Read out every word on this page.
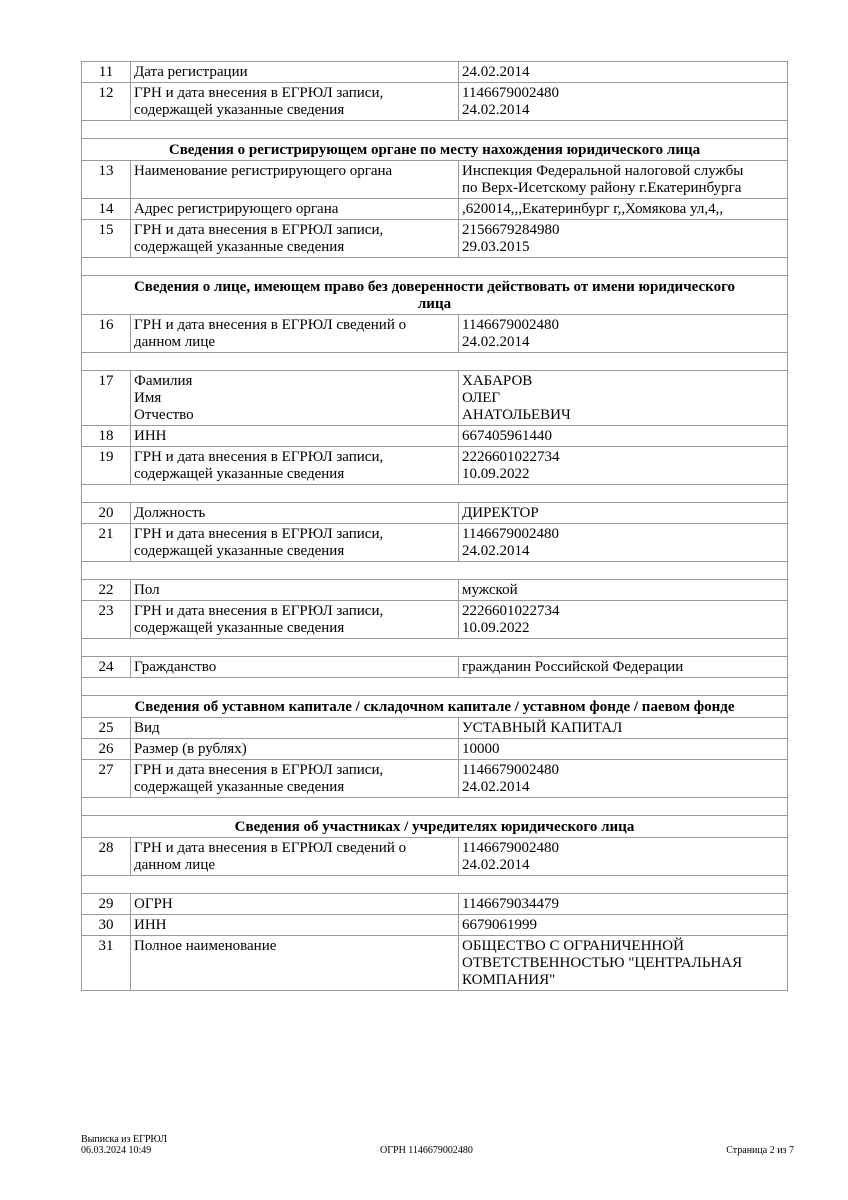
11	Дата регистрации	24.02.2014

12	ГРН и дата внесения в ЕГРЮЛ записи,
содержащей указанные сведения	1146679002480
24.02.2014

Сведения о регистрирующем органе по месту нахождения юридического лица		

13	Наименование регистрирующего органа	Инспекция Федеральной налоговой службы
по Верх-Исетскому району г.Екатеринбурга

14	Адрес регистрирующего органа	,620014,,,Екатеринбург г,,Хомякова ул,4,,

15	ГРН и дата внесения в ЕГРЮЛ записи,
содержащей указанные сведения	2156679284980
29.03.2015

Сведения о лице, имеющем право без доверенности действовать от имени юридического
лица		

16	ГРН и дата внесения в ЕГРЮЛ сведений о
данном лице	1146679002480
24.02.2014

17	Фамилия
Имя
Отчество	ХАБАРОВ
ОЛЕГ
АНАТОЛЬЕВИЧ

18	ИНН	667405961440

19	ГРН и дата внесения в ЕГРЮЛ записи,
содержащей указанные сведения	2226601022734
10.09.2022

20	Должность	ДИРЕКТОР

21	ГРН и дата внесения в ЕГРЮЛ записи,
содержащей указанные сведения	1146679002480
24.02.2014

22	Пол	мужской

23	ГРН и дата внесения в ЕГРЮЛ записи,
содержащей указанные сведения	2226601022734
10.09.2022

24	Гражданство	гражданин Российской Федерации

Сведения об уставном капитале / складочном капитале / уставном фонде / паевом фонде		

25	Вид	УСТАВНЫЙ КАПИТАЛ

26	Размер (в рублях)	10000

27	ГРН и дата внесения в ЕГРЮЛ записи,
содержащей указанные сведения	1146679002480
24.02.2014

Сведения об участниках / учредителях юридического лица		

28	ГРН и дата внесения в ЕГРЮЛ сведений о
данном лице	1146679002480
24.02.2014

29	ОГРН	1146679034479

30	ИНН	6679061999

31	Полное наименование	ОБЩЕСТВО С ОГРАНИЧЕННОЙ
ОТВЕТСТВЕННОСТЬЮ "ЦЕНТРАЛЬНАЯ
КОМПАНИЯ"
Выписка из ЕГРЮЛ
06.03.2024 10:49	ОГРН 1146679002480	Страница 2 из 7
